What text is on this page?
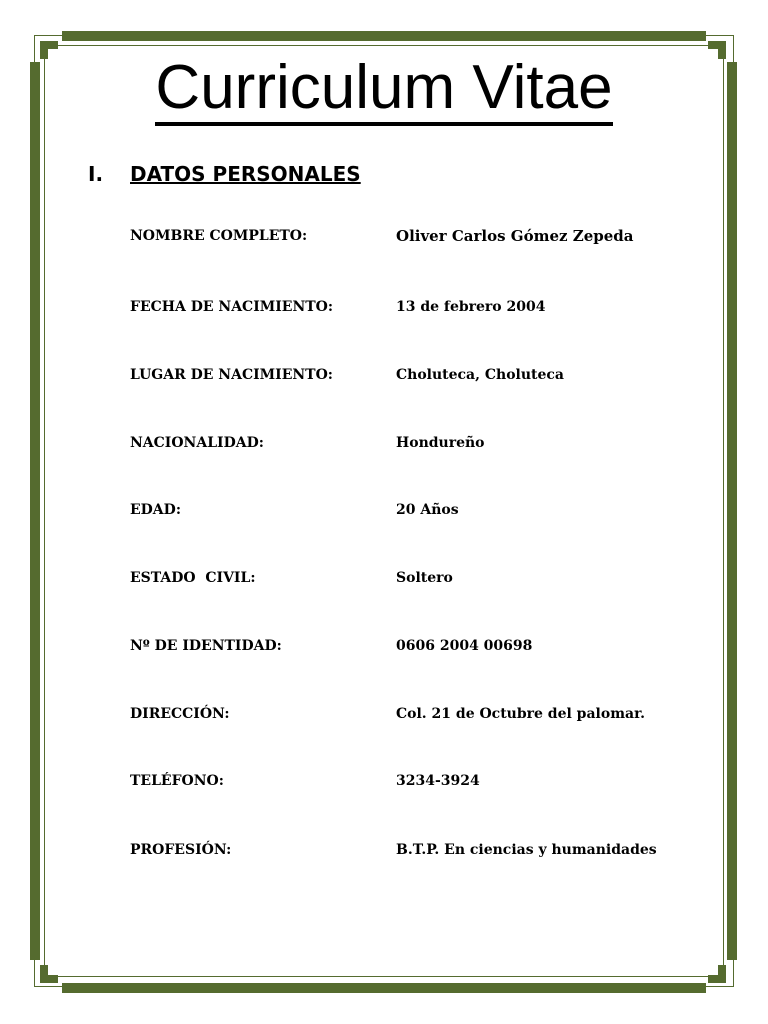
Curriculum Vitae
I. DATOS PERSONALES
NOMBRE COMPLETO:	Oliver Carlos Gómez Zepeda
FECHA DE NACIMIENTO:	13 de febrero 2004
LUGAR DE NACIMIENTO:	Choluteca, Choluteca
NACIONALIDAD:	Hondureño
EDAD:	20 Años
ESTADO  CIVIL:	Soltero
Nº DE IDENTIDAD:	0606 2004 00698
DIRECCIÓN:	Col. 21 de Octubre del palomar.
TELÉFONO:	3234-3924
PROFESIÓN:	B.T.P. En ciencias y humanidades
